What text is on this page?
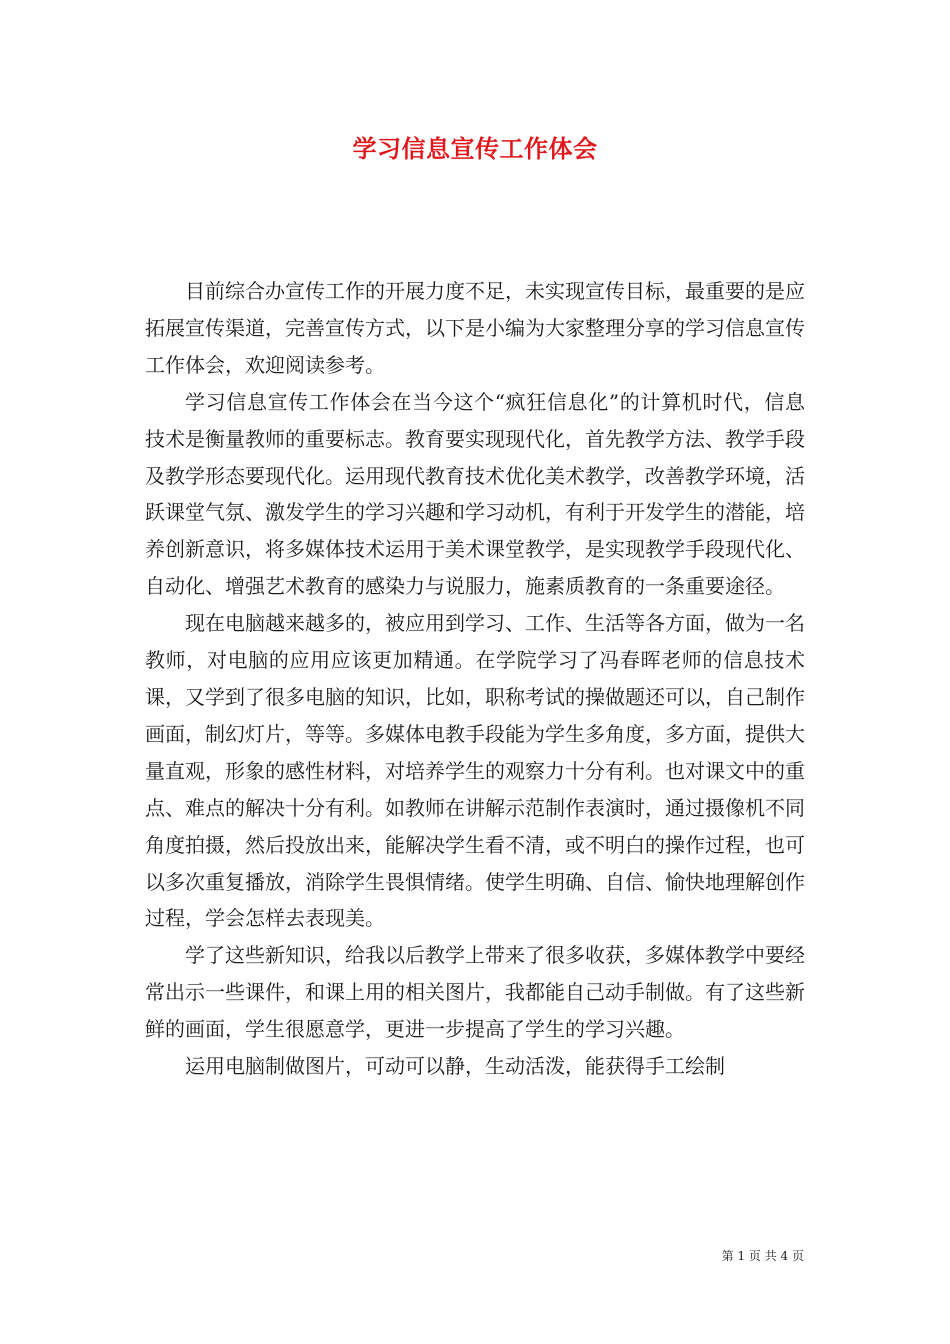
学习信息宣传工作体会

目前综合办宣传工作的开展力度不足，未实现宣传目标，最重要的是应拓展宣传渠道，完善宣传方式，以下是小编为大家整理分享的学习信息宣传工作体会，欢迎阅读参考。

学习信息宣传工作体会在当今这个“疯狂信息化”的计算机时代，信息技术是衡量教师的重要标志。教育要实现现代化，首先教学方法、教学手段及教学形态要现代化。运用现代教育技术优化美术教学，改善教学环境，活跃课堂气氛、激发学生的学习兴趣和学习动机，有利于开发学生的潜能，培养创新意识，将多媒体技术运用于美术课堂教学，是实现教学手段现代化、自动化、增强艺术教育的感染力与说服力，施素质教育的一条重要途径。

现在电脑越来越多的，被应用到学习、工作、生活等各方面，做为一名教师，对电脑的应用应该更加精通。在学院学习了冯春晖老师的信息技术课，又学到了很多电脑的知识，比如，职称考试的操做题还可以，自己制作画面，制幻灯片，等等。多媒体电教手段能为学生多角度，多方面，提供大量直观，形象的感性材料，对培养学生的观察力十分有利。也对课文中的重点、难点的解决十分有利。如教师在讲解示范制作表演时，通过摄像机不同角度拍摄，然后投放出来，能解决学生看不清，或不明白的操作过程，也可以多次重复播放，消除学生畏惧情绪。使学生明确、自信、愉快地理解创作过程，学会怎样去表现美。

学了这些新知识，给我以后教学上带来了很多收获，多媒体教学中要经常出示一些课件，和课上用的相关图片，我都能自己动手制做。有了这些新鲜的画面，学生很愿意学，更进一步提高了学生的学习兴趣。

运用电脑制做图片，可动可以静，生动活泼，能获得手工绘制

第 1 页 共 4 页
